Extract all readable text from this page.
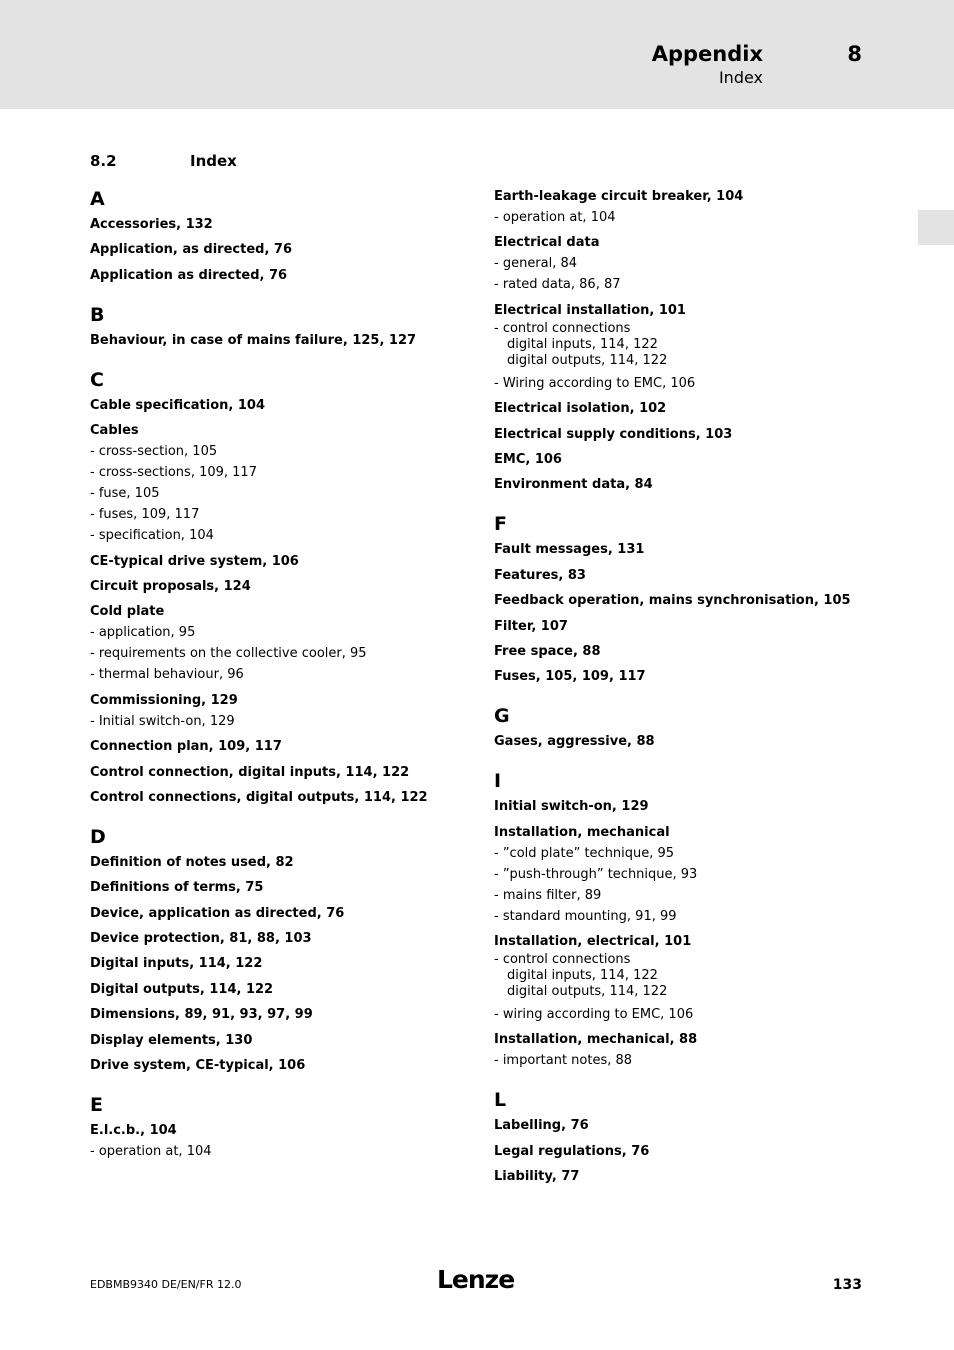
Appendix	8
Index
8.2	Index
A
Accessories, 132
Application, as directed, 76
Application as directed, 76
B
Behaviour, in case of mains failure, 125, 127
C
Cable specification, 104
Cables
- cross-section, 105
- cross-sections, 109, 117
- fuse, 105
- fuses, 109, 117
- specification, 104
CE-typical drive system, 106
Circuit proposals, 124
Cold plate
- application, 95
- requirements on the collective cooler, 95
- thermal behaviour, 96
Commissioning, 129
- Initial switch-on, 129
Connection plan, 109, 117
Control connection, digital inputs, 114, 122
Control connections, digital outputs, 114, 122
D
Definition of notes used, 82
Definitions of terms, 75
Device, application as directed, 76
Device protection, 81, 88, 103
Digital inputs, 114, 122
Digital outputs, 114, 122
Dimensions, 89, 91, 93, 97, 99
Display elements, 130
Drive system, CE-typical, 106
E
E.l.c.b., 104
- operation at, 104
Earth-leakage circuit breaker, 104
- operation at, 104
Electrical data
- general, 84
- rated data, 86, 87
Electrical installation, 101
- control connections
digital inputs, 114, 122
digital outputs, 114, 122
- Wiring according to EMC, 106
Electrical isolation, 102
Electrical supply conditions, 103
EMC, 106
Environment data, 84
F
Fault messages, 131
Features, 83
Feedback operation, mains synchronisation, 105
Filter, 107
Free space, 88
Fuses, 105, 109, 117
G
Gases, aggressive, 88
I
Initial switch-on, 129
Installation, mechanical
- ”cold plate” technique, 95
- ”push-through” technique, 93
- mains filter, 89
- standard mounting, 91, 99
Installation, electrical, 101
- control connections
digital inputs, 114, 122
digital outputs, 114, 122
- wiring according to EMC, 106
Installation, mechanical, 88
- important notes, 88
L
Labelling, 76
Legal regulations, 76
Liability, 77
EDBMB9340 DE/EN/FR 12.0	Lenze	133
